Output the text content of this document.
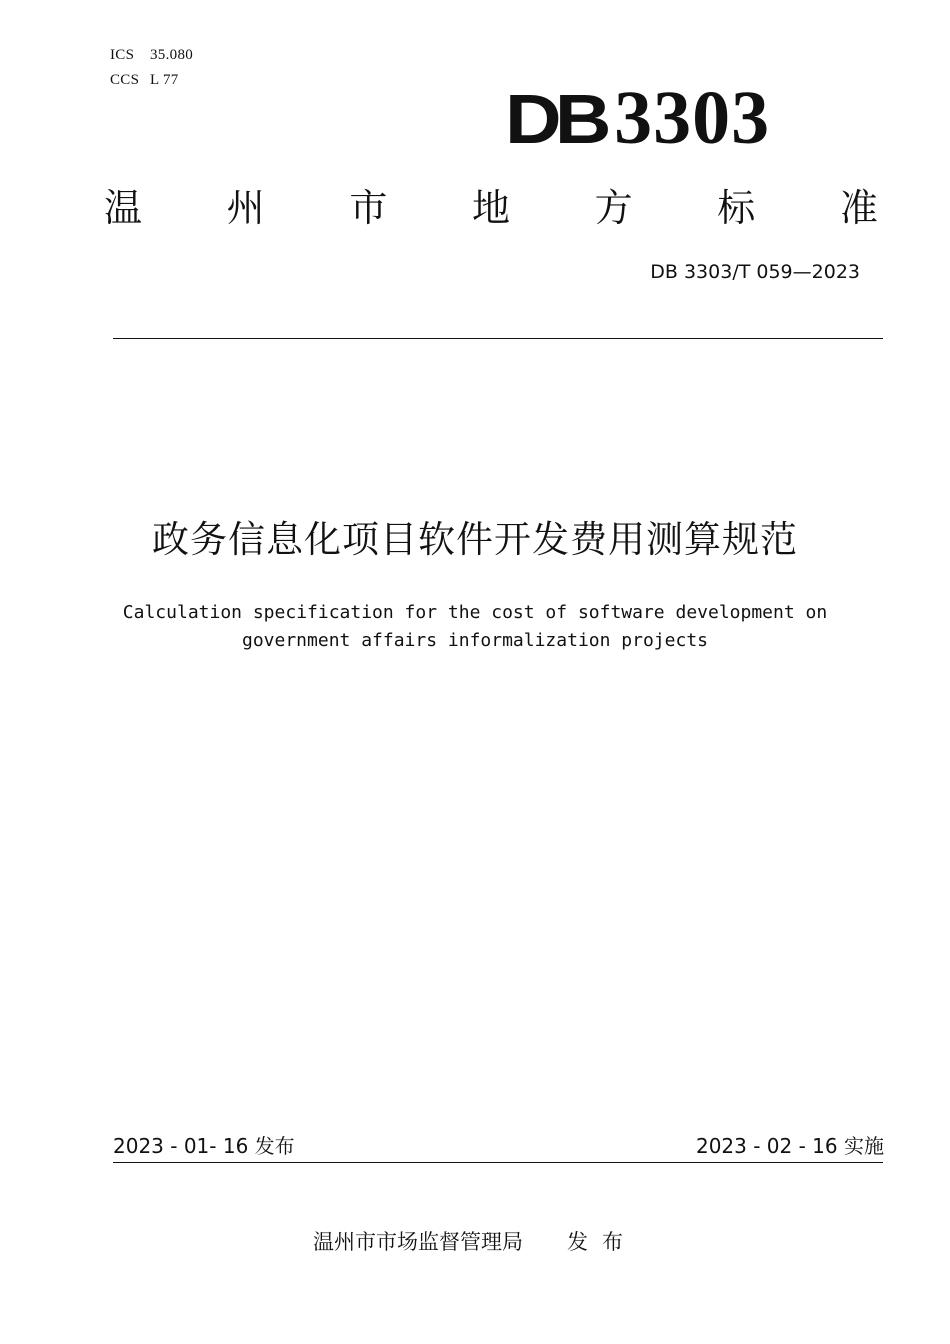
ICS 35.080
CCS L 77	DB 3303
温 州 市 地 方 标 准
DB 3303/T 059—2023
政务信息化项目软件开发费用测算规范
Calculation specification for the cost of software development on
government affairs informalization projects
2023 - 01- 16 发布	2023 - 02 - 16 实施
温州市市场监督管理局 发布
